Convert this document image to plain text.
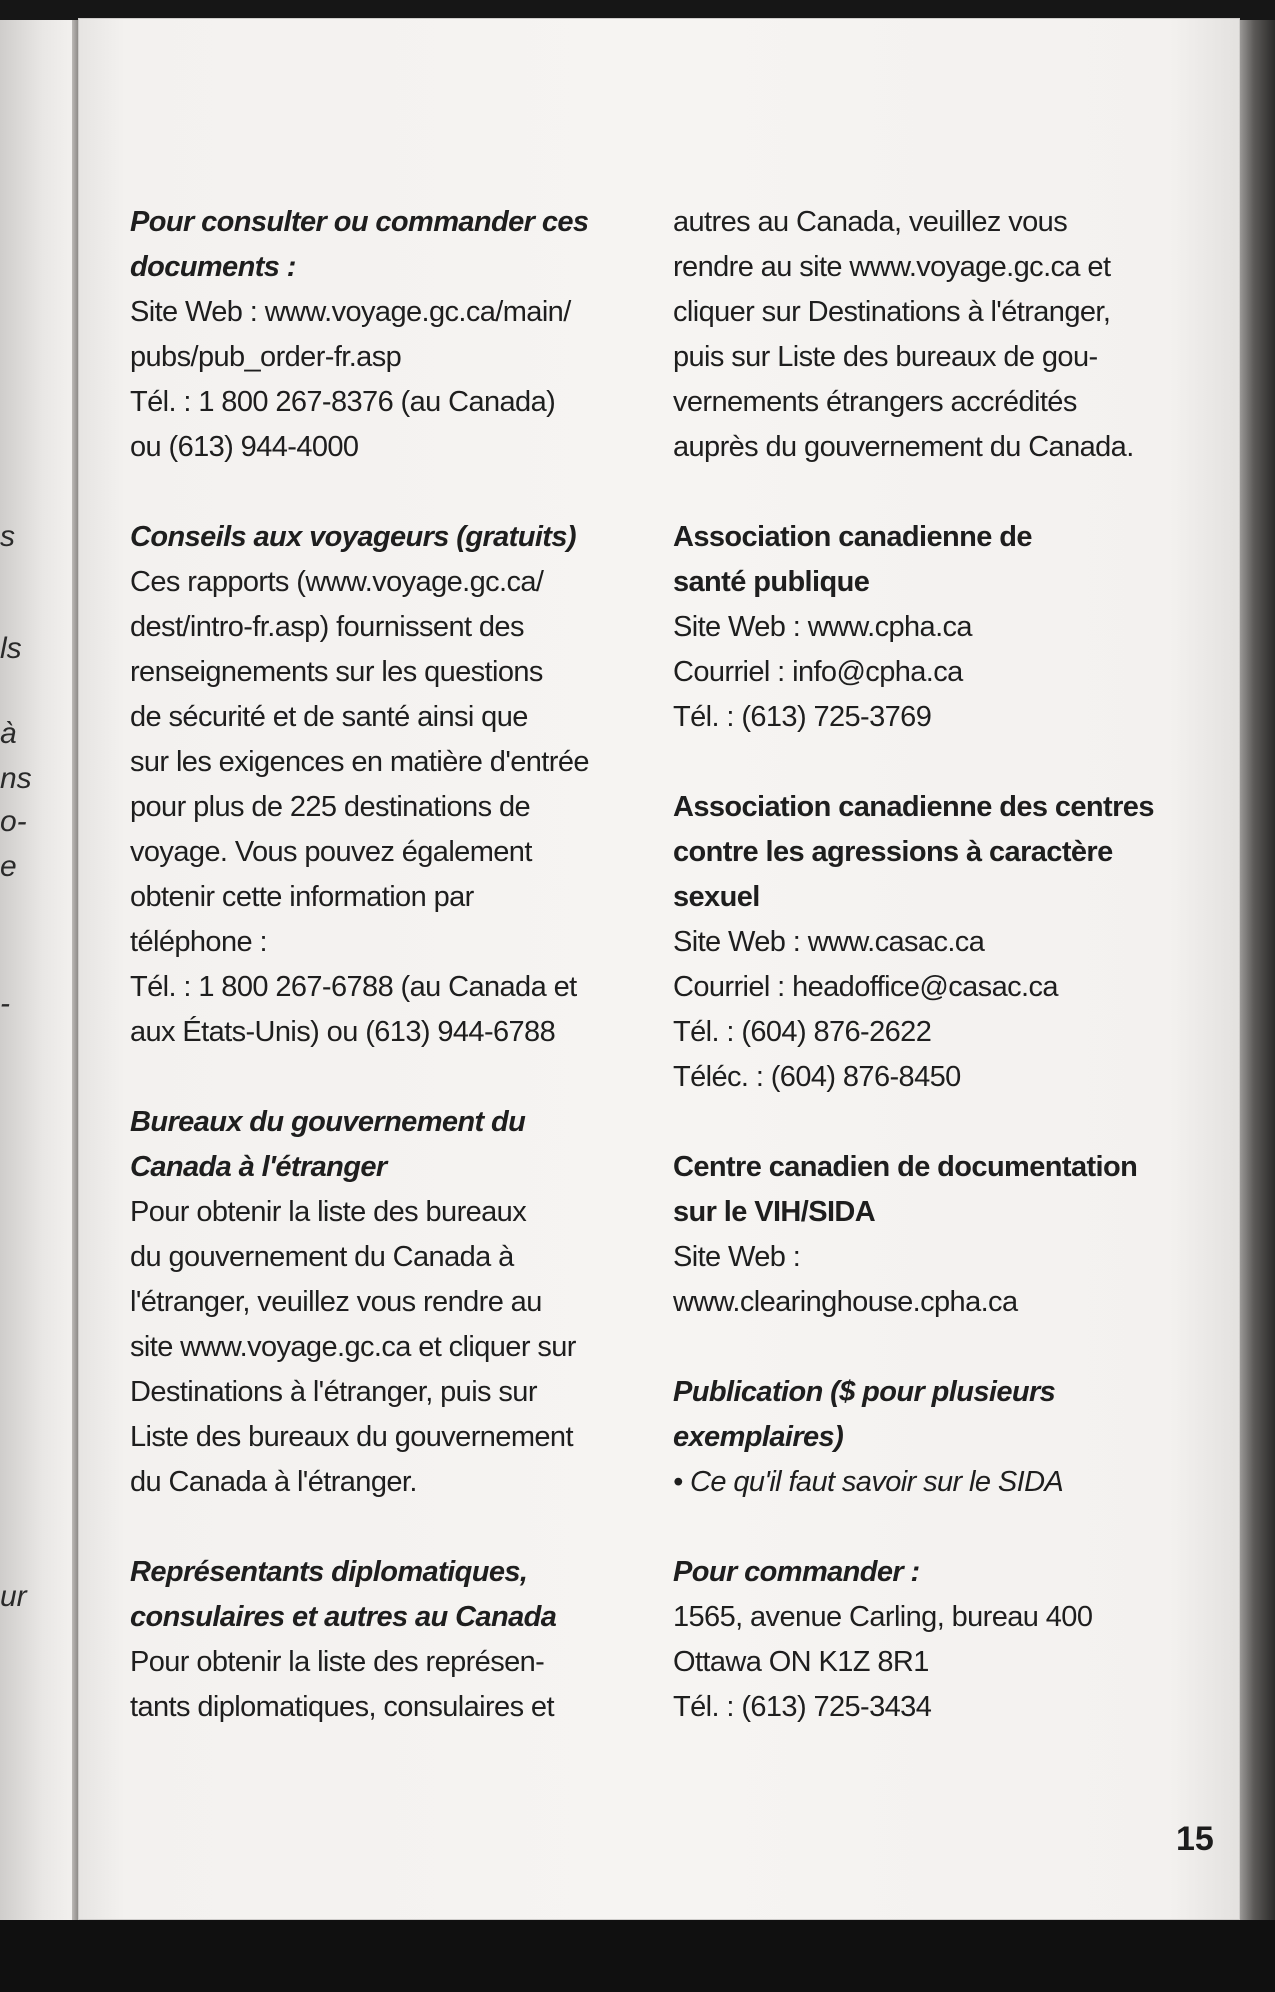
s
ls
à
ns
o-
e
-
ur

Pour consulter ou commander ces
documents :

Site Web : www.voyage.gc.ca/main/
pubs/pub_order-fr.asp
Tél. : 1 800 267-8376 (au Canada)
ou (613) 944-4000

Conseils aux voyageurs (gratuits)

Ces rapports (www.voyage.gc.ca/
dest/intro-fr.asp) fournissent des
renseignements sur les questions
de sécurité et de santé ainsi que
sur les exigences en matière d'entrée
pour plus de 225 destinations de
voyage. Vous pouvez également
obtenir cette information par
téléphone :
Tél. : 1 800 267-6788 (au Canada et
aux États-Unis) ou (613) 944-6788

Bureaux du gouvernement du
Canada à l'étranger

Pour obtenir la liste des bureaux
du gouvernement du Canada à
l'étranger, veuillez vous rendre au
site www.voyage.gc.ca et cliquer sur
Destinations à l'étranger, puis sur
Liste des bureaux du gouvernement
du Canada à l'étranger.

Représentants diplomatiques,
consulaires et autres au Canada

Pour obtenir la liste des représen-
tants diplomatiques, consulaires et
autres au Canada, veuillez vous
rendre au site www.voyage.gc.ca et
cliquer sur Destinations à l'étranger,
puis sur Liste des bureaux de gou-
vernements étrangers accrédités
auprès du gouvernement du Canada.

Association canadienne de
santé publique

Site Web : www.cpha.ca
Courriel : info@cpha.ca
Tél. : (613) 725-3769

Association canadienne des centres
contre les agressions à caractère
sexuel

Site Web : www.casac.ca
Courriel : headoffice@casac.ca
Tél. : (604) 876-2622
Téléc. : (604) 876-8450

Centre canadien de documentation
sur le VIH/SIDA

Site Web :
www.clearinghouse.cpha.ca

Publication ($ pour plusieurs
exemplaires)

• Ce qu'il faut savoir sur le SIDA

Pour commander :

1565, avenue Carling, bureau 400
Ottawa ON K1Z 8R1
Tél. : (613) 725-3434
15
